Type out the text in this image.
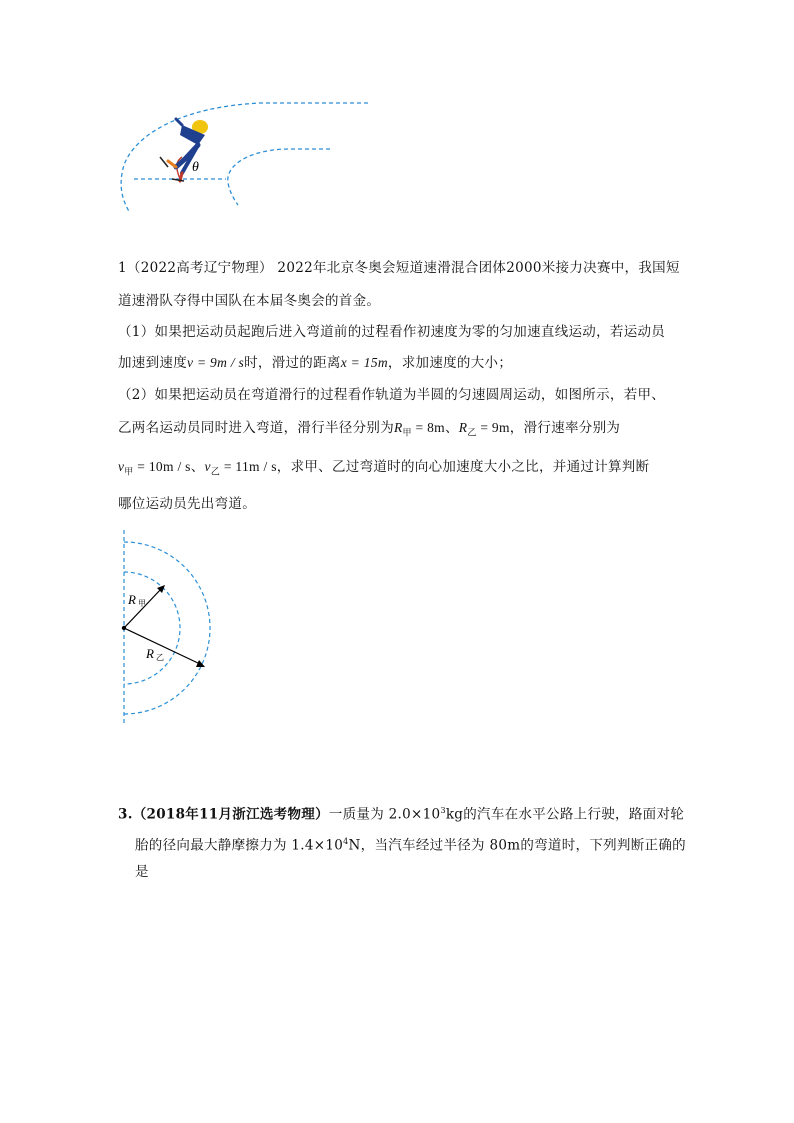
θ
1（2022高考辽宁物理） 2022年北京冬奥会短道速滑混合团体2000米接力决赛中，我国短
道速滑队夺得中国队在本届冬奥会的首金。
（1）如果把运动员起跑后进入弯道前的过程看作初速度为零的匀加速直线运动，若运动员
加速到速度v = 9m / s时，滑过的距离x = 15m，求加速度的大小；
（2）如果把运动员在弯道滑行的过程看作轨道为半圆的匀速圆周运动，如图所示，若甲、
乙两名运动员同时进入弯道，滑行半径分别为$R_甲 = 8m$、$R_乙 = 9m$，滑行速率分别为
$v_甲 = 10m / s$、$v_乙 = 11m / s$，求甲、乙过弯道时的向心加速度大小之比，并通过计算判断
哪位运动员先出弯道。
R 甲
R 乙
3.（2018年11月浙江选考物理）一质量为 $2.0\times 10^3kg$的汽车在水平公路上行驶，路面对轮
胎的径向最大静摩擦力为 $1.4\times 10^4N$，当汽车经过半径为 80m的弯道时，下列判断正确的
是
